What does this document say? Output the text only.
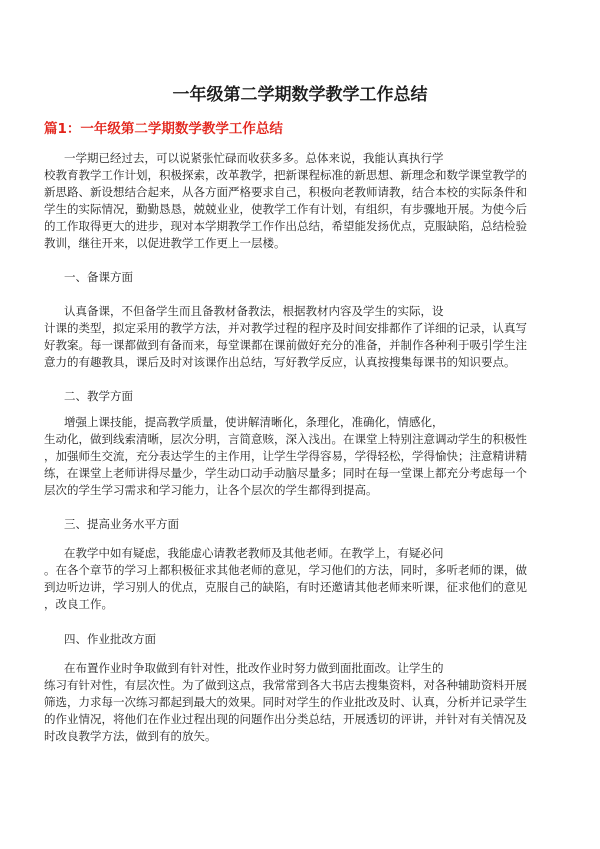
一年级第二学期数学教学工作总结
篇1：一年级第二学期数学教学工作总结
一学期已经过去，可以说紧张忙碌而收获多多。总体来说，我能认真执行学
校教育教学工作计划，积极探索，改革教学，把新课程标准的新思想、新理念和数学课堂教学的
新思路、新设想结合起来，从各方面严格要求自己，积极向老教师请教，结合本校的实际条件和
学生的实际情况，勤勤恳恳，兢兢业业，使教学工作有计划，有组织，有步骤地开展。为使今后
的工作取得更大的进步，现对本学期教学工作作出总结，希望能发扬优点，克服缺陷，总结检验
教训，继往开来，以促进教学工作更上一层楼。
一、备课方面
认真备课，不但备学生而且备教材备教法，根据教材内容及学生的实际，设
计课的类型，拟定采用的教学方法，并对教学过程的程序及时间安排都作了详细的记录，认真写
好教案。每一课都做到有备而来，每堂课都在课前做好充分的准备，并制作各种利于吸引学生注
意力的有趣教具，课后及时对该课作出总结，写好教学反应，认真按搜集每课书的知识要点。
二、教学方面
增强上课技能，提高教学质量，使讲解清晰化，条理化，准确化，情感化，
生动化，做到线索清晰，层次分明，言简意赅，深入浅出。在课堂上特别注意调动学生的积极性
，加强师生交流，充分表达学生的主作用，让学生学得容易，学得轻松，学得愉快；注意精讲精
练，在课堂上老师讲得尽量少，学生动口动手动脑尽量多；同时在每一堂课上都充分考虑每一个
层次的学生学习需求和学习能力，让各个层次的学生都得到提高。
三、提高业务水平方面
在教学中如有疑虑，我能虚心请教老教师及其他老师。在教学上，有疑必问
。在各个章节的学习上都积极征求其他老师的意见，学习他们的方法，同时，多听老师的课，做
到边听边讲，学习别人的优点，克服自己的缺陷，有时还邀请其他老师来听课，征求他们的意见
，改良工作。
四、作业批改方面
在布置作业时争取做到有针对性，批改作业时努力做到面批面改。让学生的
练习有针对性，有层次性。为了做到这点，我常常到各大书店去搜集资料，对各种辅助资料开展
筛选，力求每一次练习都起到最大的效果。同时对学生的作业批改及时、认真，分析并记录学生
的作业情况，将他们在作业过程出现的问题作出分类总结，开展透切的评讲，并针对有关情况及
时改良教学方法，做到有的放矢。
